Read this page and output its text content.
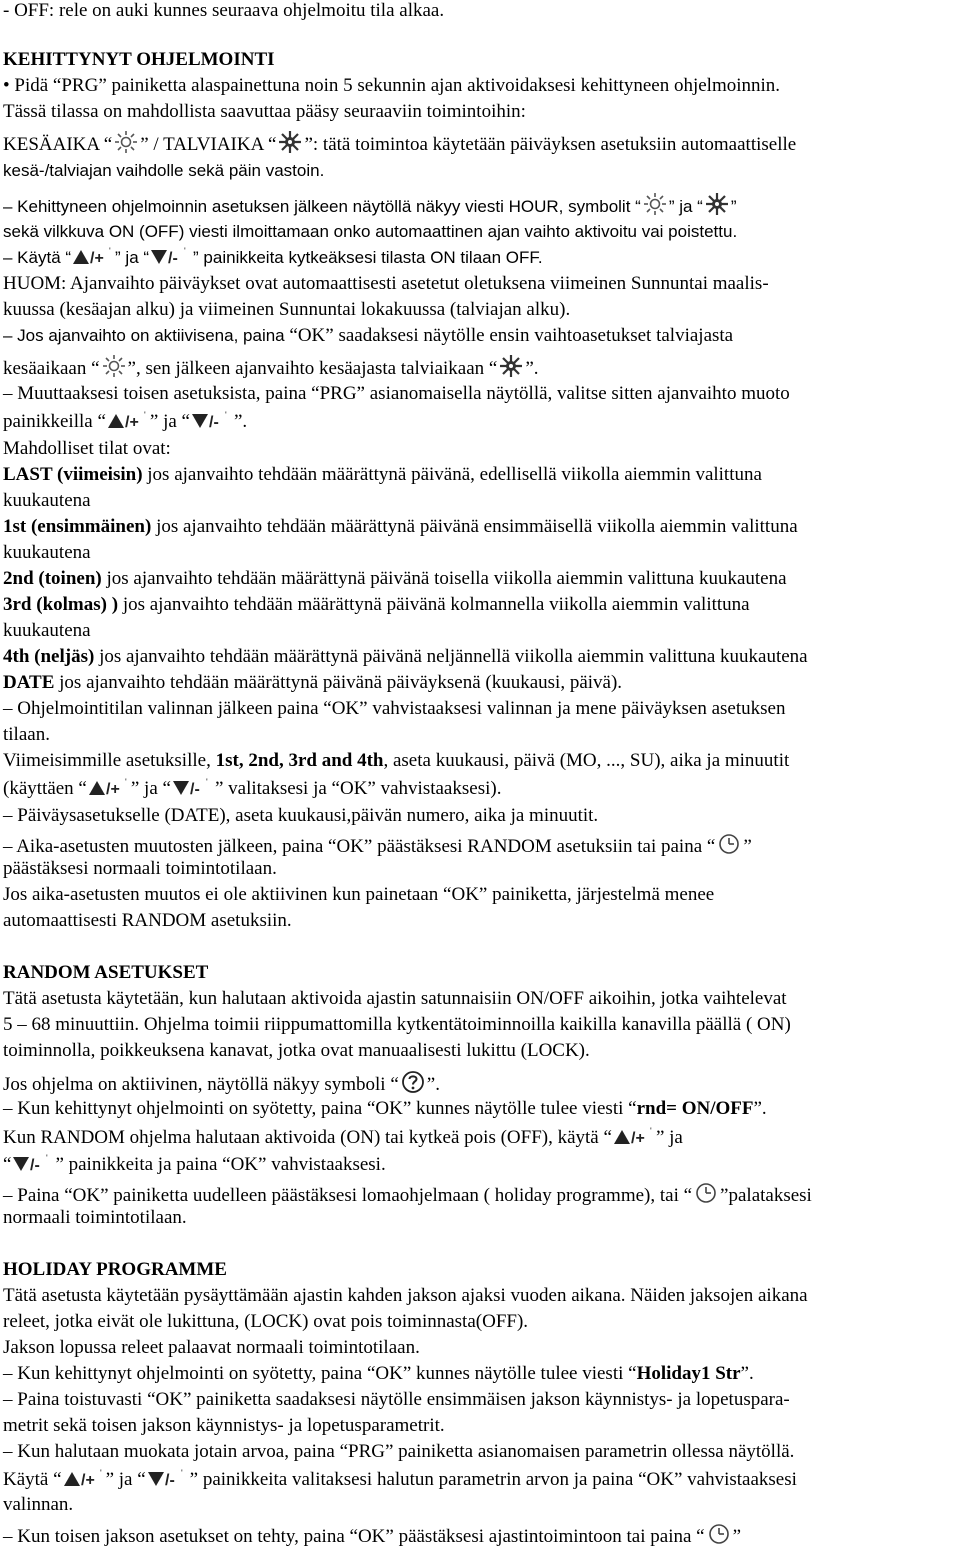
- OFF: rele on auki kunnes seuraava ohjelmoitu tila alkaa.
KEHITTYNYT OHJELMOINTI
• Pidä “PRG” painiketta alaspainettuna noin 5 sekunnin ajan aktivoidaksesi kehittyneen ohjelmoinnin.
Tässä tilassa on mahdollista saavuttaa pääsy seuraaviin toimintoihin:
KESÄAIKA “ ” / TALVIAIKA “ ”: tätä toimintoa käytetään päiväyksen asetuksiin automaattiselle
kesä-/talviajan vaihdolle sekä päin vastoin.
– Kehittyneen ohjelmoinnin asetuksen jälkeen näytöllä näkyy viesti HOUR, symbolit “ ” ja “ ”
sekä vilkkuva ON (OFF) viesti ilmoittamaan onko automaattinen ajan vaihto aktivoitu vai poistettu.
– Käytä “	” ja “	” painikkeita kytkeäksesi tilasta ON tilaan OFF.
HUOM: Ajanvaihto päiväykset ovat automaattisesti asetetut oletuksena viimeinen Sunnuntai maalis-
kuussa (kesäajan alku) ja viimeinen Sunnuntai lokakuussa (talviajan alku).
– Jos ajanvaihto on aktiivisena, paina “OK” saadaksesi näytölle ensin vaihtoasetukset talviajasta
kesäaikaan “ ”, sen jälkeen ajanvaihto kesäajasta talviaikaan “ ”.
– Muuttaaksesi toisen asetuksista, paina “PRG” asianomaisella näytöllä, valitse sitten ajanvaihto muoto
painikkeilla “ ” ja “ ”.
Mahdolliset tilat ovat:
LAST (viimeisin) jos ajanvaihto tehdään määrättynä päivänä, edellisellä viikolla aiemmin valittuna
kuukautena
1st (ensimmäinen) jos ajanvaihto tehdään määrättynä päivänä ensimmäisellä viikolla aiemmin valittuna
kuukautena
2nd (toinen) jos ajanvaihto tehdään määrättynä päivänä toisella viikolla aiemmin valittuna kuukautena
3rd (kolmas) ) jos ajanvaihto tehdään määrättynä päivänä kolmannella viikolla aiemmin valittuna
kuukautena
4th (neljäs) jos ajanvaihto tehdään määrättynä päivänä neljännellä viikolla aiemmin valittuna kuukautena
DATE jos ajanvaihto tehdään määrättynä päivänä päiväyksenä (kuukausi, päivä).
– Ohjelmointitilan valinnan jälkeen paina “OK” vahvistaaksesi valinnan ja mene päiväyksen asetuksen
tilaan.
Viimeisimmille asetuksille, 1st, 2nd, 3rd and 4th, aseta kuukausi, päivä (MO, ..., SU), aika ja minuutit
(käyttäen “ ” ja “ ” valitaksesi ja “OK” vahvistaaksesi).
– Päiväysasetukselle (DATE), aseta kuukausi,päivän numero, aika ja minuutit.
– Aika-asetusten muutosten jälkeen, paina “OK” päästäksesi RANDOM asetuksiin tai paina “ ”
päästäksesi normaali toimintotilaan.
Jos aika-asetusten muutos ei ole aktiivinen kun painetaan “OK” painiketta, järjestelmä menee
automaattisesti RANDOM asetuksiin.
RANDOM ASETUKSET
Tätä asetusta käytetään, kun halutaan aktivoida ajastin satunnaisiin ON/OFF aikoihin, jotka vaihtelevat
5 – 68 minuuttiin. Ohjelma toimii riippumattomilla kytkentätoiminnoilla kaikilla kanavilla päällä ( ON)
toiminnolla, poikkeuksena kanavat, jotka ovat manuaalisesti lukittu (LOCK).
Jos ohjelma on aktiivinen, näytöllä näkyy symboli “ ”.
– Kun kehittynyt ohjelmointi on syötetty, paina “OK” kunnes näytölle tulee viesti “rnd= ON/OFF”.
Kun RANDOM ohjelma halutaan aktivoida (ON) tai kytkeä pois (OFF), käytä “ ” ja
“ ” painikkeita ja paina “OK” vahvistaaksesi.
– Paina “OK” painiketta uudelleen päästäksesi lomaohjelmaan ( holiday programme), tai “ ”palataksesi
normaali toimintotilaan.
HOLIDAY PROGRAMME
Tätä asetusta käytetään pysäyttämään ajastin kahden jakson ajaksi vuoden aikana. Näiden jaksojen aikana
releet, jotka eivät ole lukittuna, (LOCK) ovat pois toiminnasta(OFF).
Jakson lopussa releet palaavat normaali toimintotilaan.
– Kun kehittynyt ohjelmointi on syötetty, paina “OK” kunnes näytölle tulee viesti “Holiday1 Str”.
– Paina toistuvasti “OK” painiketta saadaksesi näytölle ensimmäisen jakson käynnistys- ja lopetuspara-
metrit sekä toisen jakson käynnistys- ja lopetusparametrit.
– Kun halutaan muokata jotain arvoa, paina “PRG” painiketta asianomaisen parametrin ollessa näytöllä.
Käytä “ ” ja “ ” painikkeita valitaksesi halutun parametrin arvon ja paina “OK” vahvistaaksesi
valinnan.
– Kun toisen jakson asetukset on tehty, paina “OK” päästäksesi ajastintoimintoon tai paina “ ”
